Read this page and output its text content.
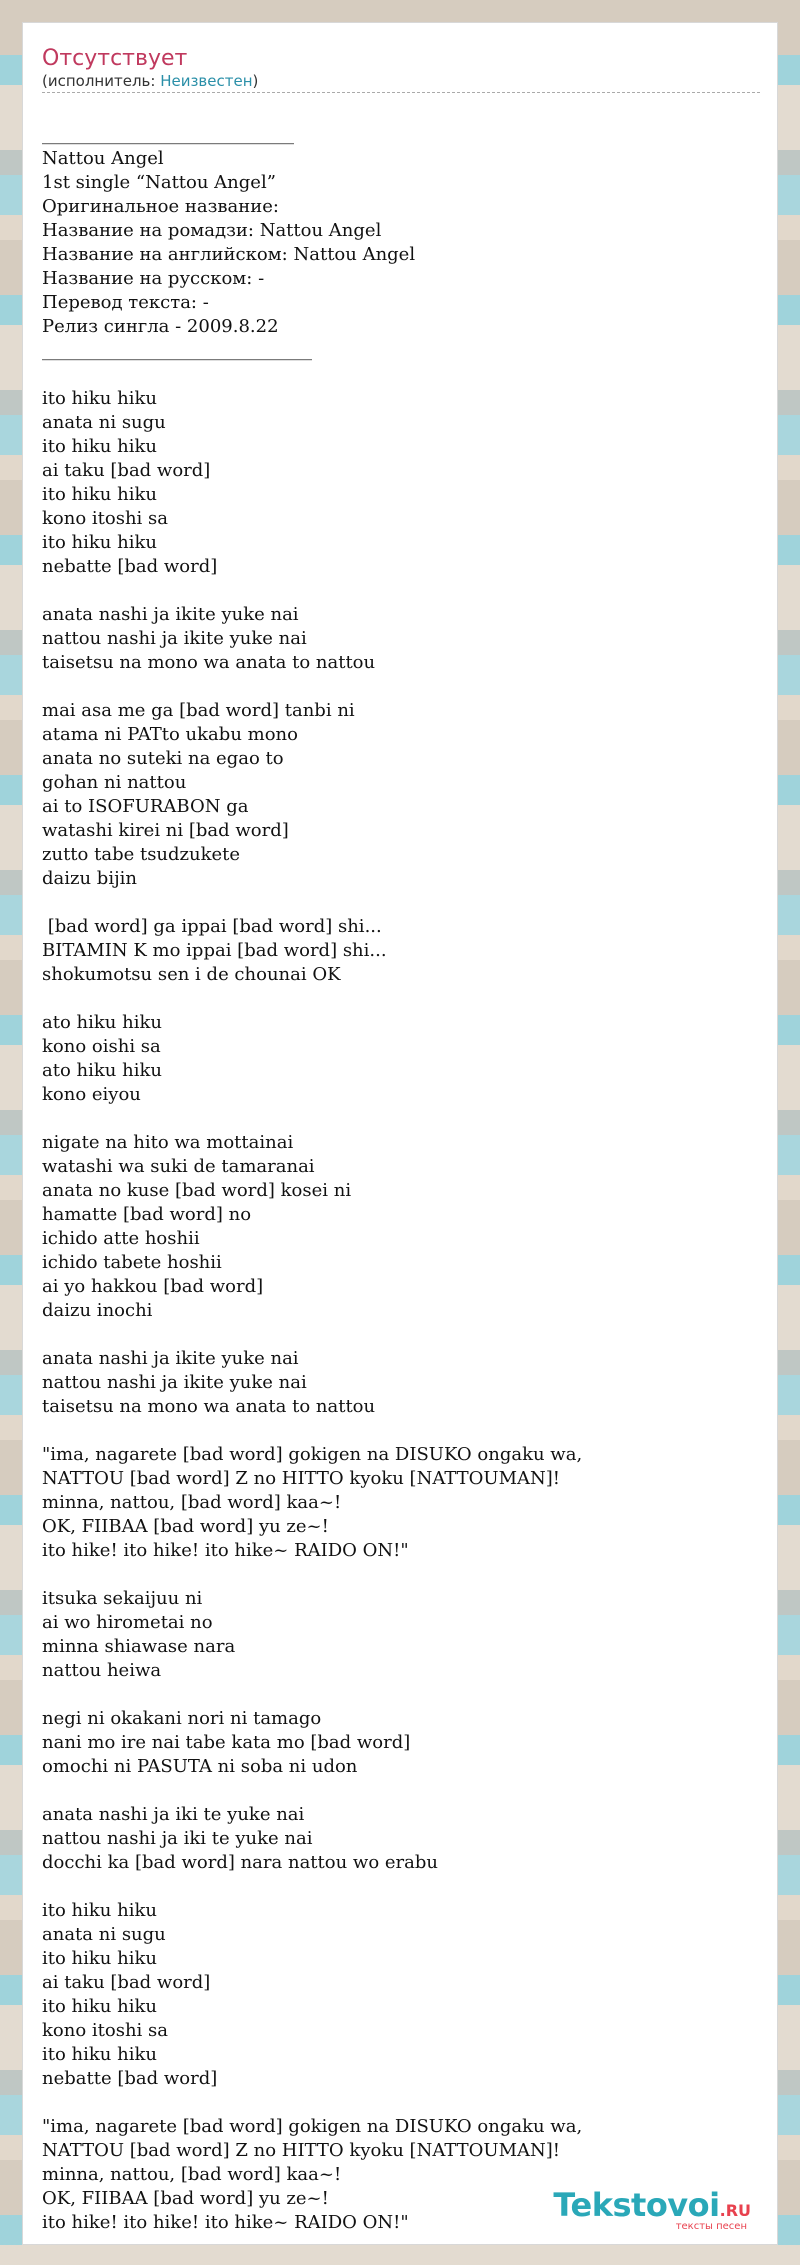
Отсутствует
(исполнитель: Неизвестен)
____________________________
Nattou Angel
1st single “Nattou Angel”
Оригинальное название:
Название на ромадзи: Nattou Angel
Название на английском: Nattou Angel
Название на русском: -
Перевод текста: -
Релиз сингла - 2009.8.22
______________________________
ito hiku hiku
anata ni sugu
ito hiku hiku
ai taku [bad word]
ito hiku hiku
kono itoshi sa
ito hiku hiku
nebatte [bad word]
anata nashi ja ikite yuke nai
nattou nashi ja ikite yuke nai
taisetsu na mono wa anata to nattou
mai asa me ga [bad word] tanbi ni
atama ni PATto ukabu mono
anata no suteki na egao to
gohan ni nattou
ai to ISOFURABON ga
watashi kirei ni [bad word]
zutto tabe tsudzukete
daizu bijin
[bad word] ga ippai [bad word] shi...
BITAMIN K mo ippai [bad word] shi...
shokumotsu sen i de chounai OK
ato hiku hiku
kono oishi sa
ato hiku hiku
kono eiyou
nigate na hito wa mottainai
watashi wa suki de tamaranai
anata no kuse [bad word] kosei ni
hamatte [bad word] no
ichido atte hoshii
ichido tabete hoshii
ai yo hakkou [bad word]
daizu inochi
anata nashi ja ikite yuke nai
nattou nashi ja ikite yuke nai
taisetsu na mono wa anata to nattou
"ima, nagarete [bad word] gokigen na DISUKO ongaku wa,
NATTOU [bad word] Z no HITTO kyoku [NATTOUMAN]!
minna, nattou, [bad word] kaa~!
OK, FIIBAA [bad word] yu ze~!
ito hike! ito hike! ito hike~ RAIDO ON!"
itsuka sekaijuu ni
ai wo hirometai no
minna shiawase nara
nattou heiwa
negi ni okakani nori ni tamago
nani mo ire nai tabe kata mo [bad word]
omochi ni PASUTA ni soba ni udon
anata nashi ja iki te yuke nai
nattou nashi ja iki te yuke nai
docchi ka [bad word] nara nattou wo erabu
ito hiku hiku
anata ni sugu
ito hiku hiku
ai taku [bad word]
ito hiku hiku
kono itoshi sa
ito hiku hiku
nebatte [bad word]
"ima, nagarete [bad word] gokigen na DISUKO ongaku wa,
NATTOU [bad word] Z no HITTO kyoku [NATTOUMAN]!
minna, nattou, [bad word] kaa~!
OK, FIIBAA [bad word] yu ze~!
ito hike! ito hike! ito hike~ RAIDO ON!"	Tekstovoi.RU
тексты песен
